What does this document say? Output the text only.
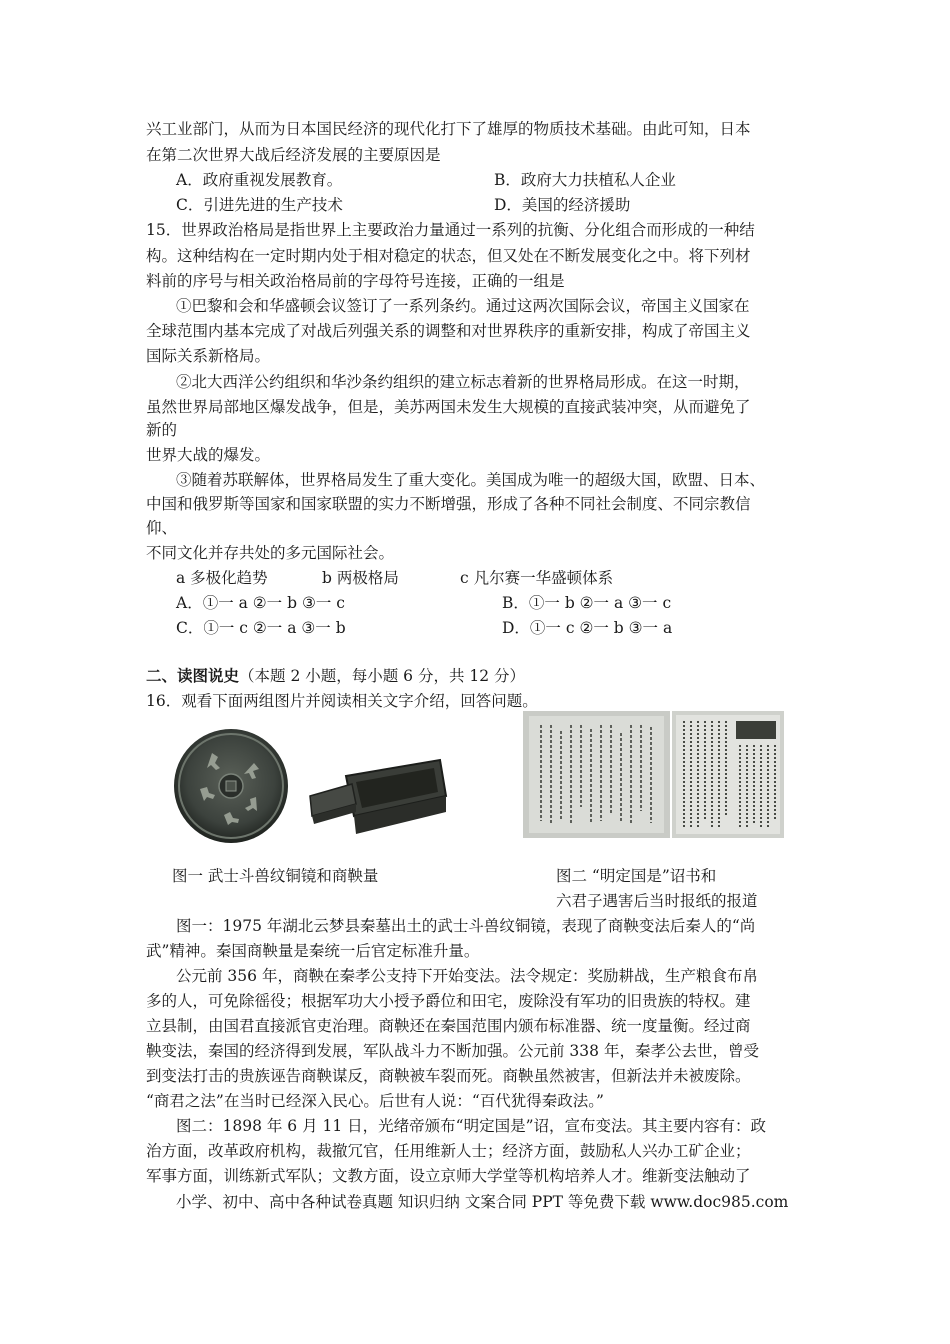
兴工业部门，从而为日本国民经济的现代化打下了雄厚的物质技术基础。由此可知，日本
在第二次世界大战后经济发展的主要原因是
A．政府重视发展教育。	B．政府大力扶植私人企业
C．引进先进的生产技术	D．美国的经济援助
15．世界政治格局是指世界上主要政治力量通过一系列的抗衡、分化组合而形成的一种结
构。这种结构在一定时期内处于相对稳定的状态，但又处在不断发展变化之中。将下列材
料前的序号与相关政治格局前的字母符号连接，正确的一组是
①巴黎和会和华盛顿会议签订了一系列条约。通过这两次国际会议，帝国主义国家在
全球范围内基本完成了对战后列强关系的调整和对世界秩序的重新安排，构成了帝国主义
国际关系新格局。
②北大西洋公约组织和华沙条约组织的建立标志着新的世界格局形成。在这一时期，
虽然世界局部地区爆发战争，但是，美苏两国未发生大规模的直接武装冲突，从而避免了
新的
世界大战的爆发。
③随着苏联解体，世界格局发生了重大变化。美国成为唯一的超级大国，欧盟、日本、
中国和俄罗斯等国家和国家联盟的实力不断增强，形成了各种不同社会制度、不同宗教信
仰、
不同文化并存共处的多元国际社会。
a 多极化趋势	b 两极格局	c 凡尔赛一华盛顿体系
A．①一 a ②一 b ③一 c	B．①一 b ②一 a ③一 c
C．①一 c ②一 a ③一 b	D．①一 c ②一 b ③一 a
二、读图说史（本题 2 小题，每小题 6 分，共 12 分）
16．观看下面两组图片并阅读相关文字介绍，回答问题。
图一 武士斗兽纹铜镜和商鞅量	图二 “明定国是”诏书和
六君子遇害后当时报纸的报道
图一：1975 年湖北云梦县秦墓出土的武士斗兽纹铜镜，表现了商鞅变法后秦人的“尚
武”精神。秦国商鞅量是秦统一后官定标准升量。
公元前 356 年，商鞅在秦孝公支持下开始变法。法令规定：奖励耕战，生产粮食布帛
多的人，可免除徭役；根据军功大小授予爵位和田宅，废除没有军功的旧贵族的特权。建
立县制，由国君直接派官吏治理。商鞅还在秦国范围内颁布标准器、统一度量衡。经过商
鞅变法，秦国的经济得到发展，军队战斗力不断加强。公元前 338 年，秦孝公去世，曾受
到变法打击的贵族诬告商鞅谋反，商鞅被车裂而死。商鞅虽然被害，但新法并未被废除。
“商君之法”在当时已经深入民心。后世有人说：“百代犹得秦政法。”
图二：1898 年 6 月 11 日，光绪帝颁布“明定国是”诏，宣布变法。其主要内容有：政
治方面，改革政府机构，裁撤冗官，任用维新人士；经济方面，鼓励私人兴办工矿企业；
军事方面，训练新式军队；文教方面，设立京师大学堂等机构培养人才。维新变法触动了
小学、初中、高中各种试卷真题 知识归纳 文案合同 PPT 等免费下载 www.doc985.com
